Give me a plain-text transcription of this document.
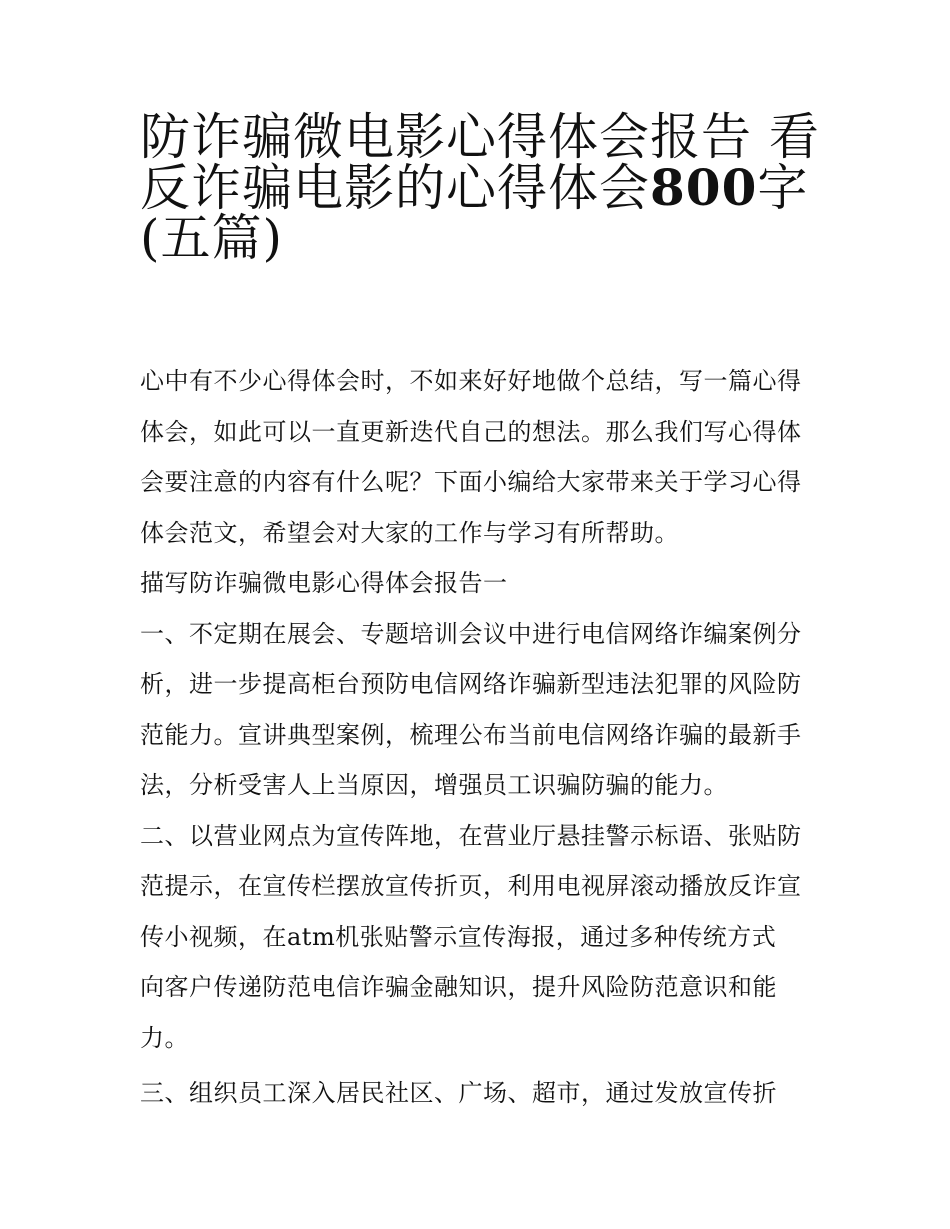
防诈骗微电影心得体会报告 看
反诈骗电影的心得体会800字
(五篇)

心中有不少心得体会时，不如来好好地做个总结，写一篇心得
体会，如此可以一直更新迭代自己的想法。那么我们写心得体
会要注意的内容有什么呢？下面小编给大家带来关于学习心得
体会范文，希望会对大家的工作与学习有所帮助。

描写防诈骗微电影心得体会报告一

一、不定期在展会、专题培训会议中进行电信网络诈编案例分
析，进一步提高柜台预防电信网络诈骗新型违法犯罪的风险防
范能力。宣讲典型案例，梳理公布当前电信网络诈骗的最新手
法，分析受害人上当原因，增强员工识骗防骗的能力。

二、以营业网点为宣传阵地，在营业厅悬挂警示标语、张贴防
范提示，在宣传栏摆放宣传折页，利用电视屏滚动播放反诈宣
传小视频，在atm机张贴警示宣传海报，通过多种传统方式
向客户传递防范电信诈骗金融知识，提升风险防范意识和能
力。

三、组织员工深入居民社区、广场、超市，通过发放宣传折
